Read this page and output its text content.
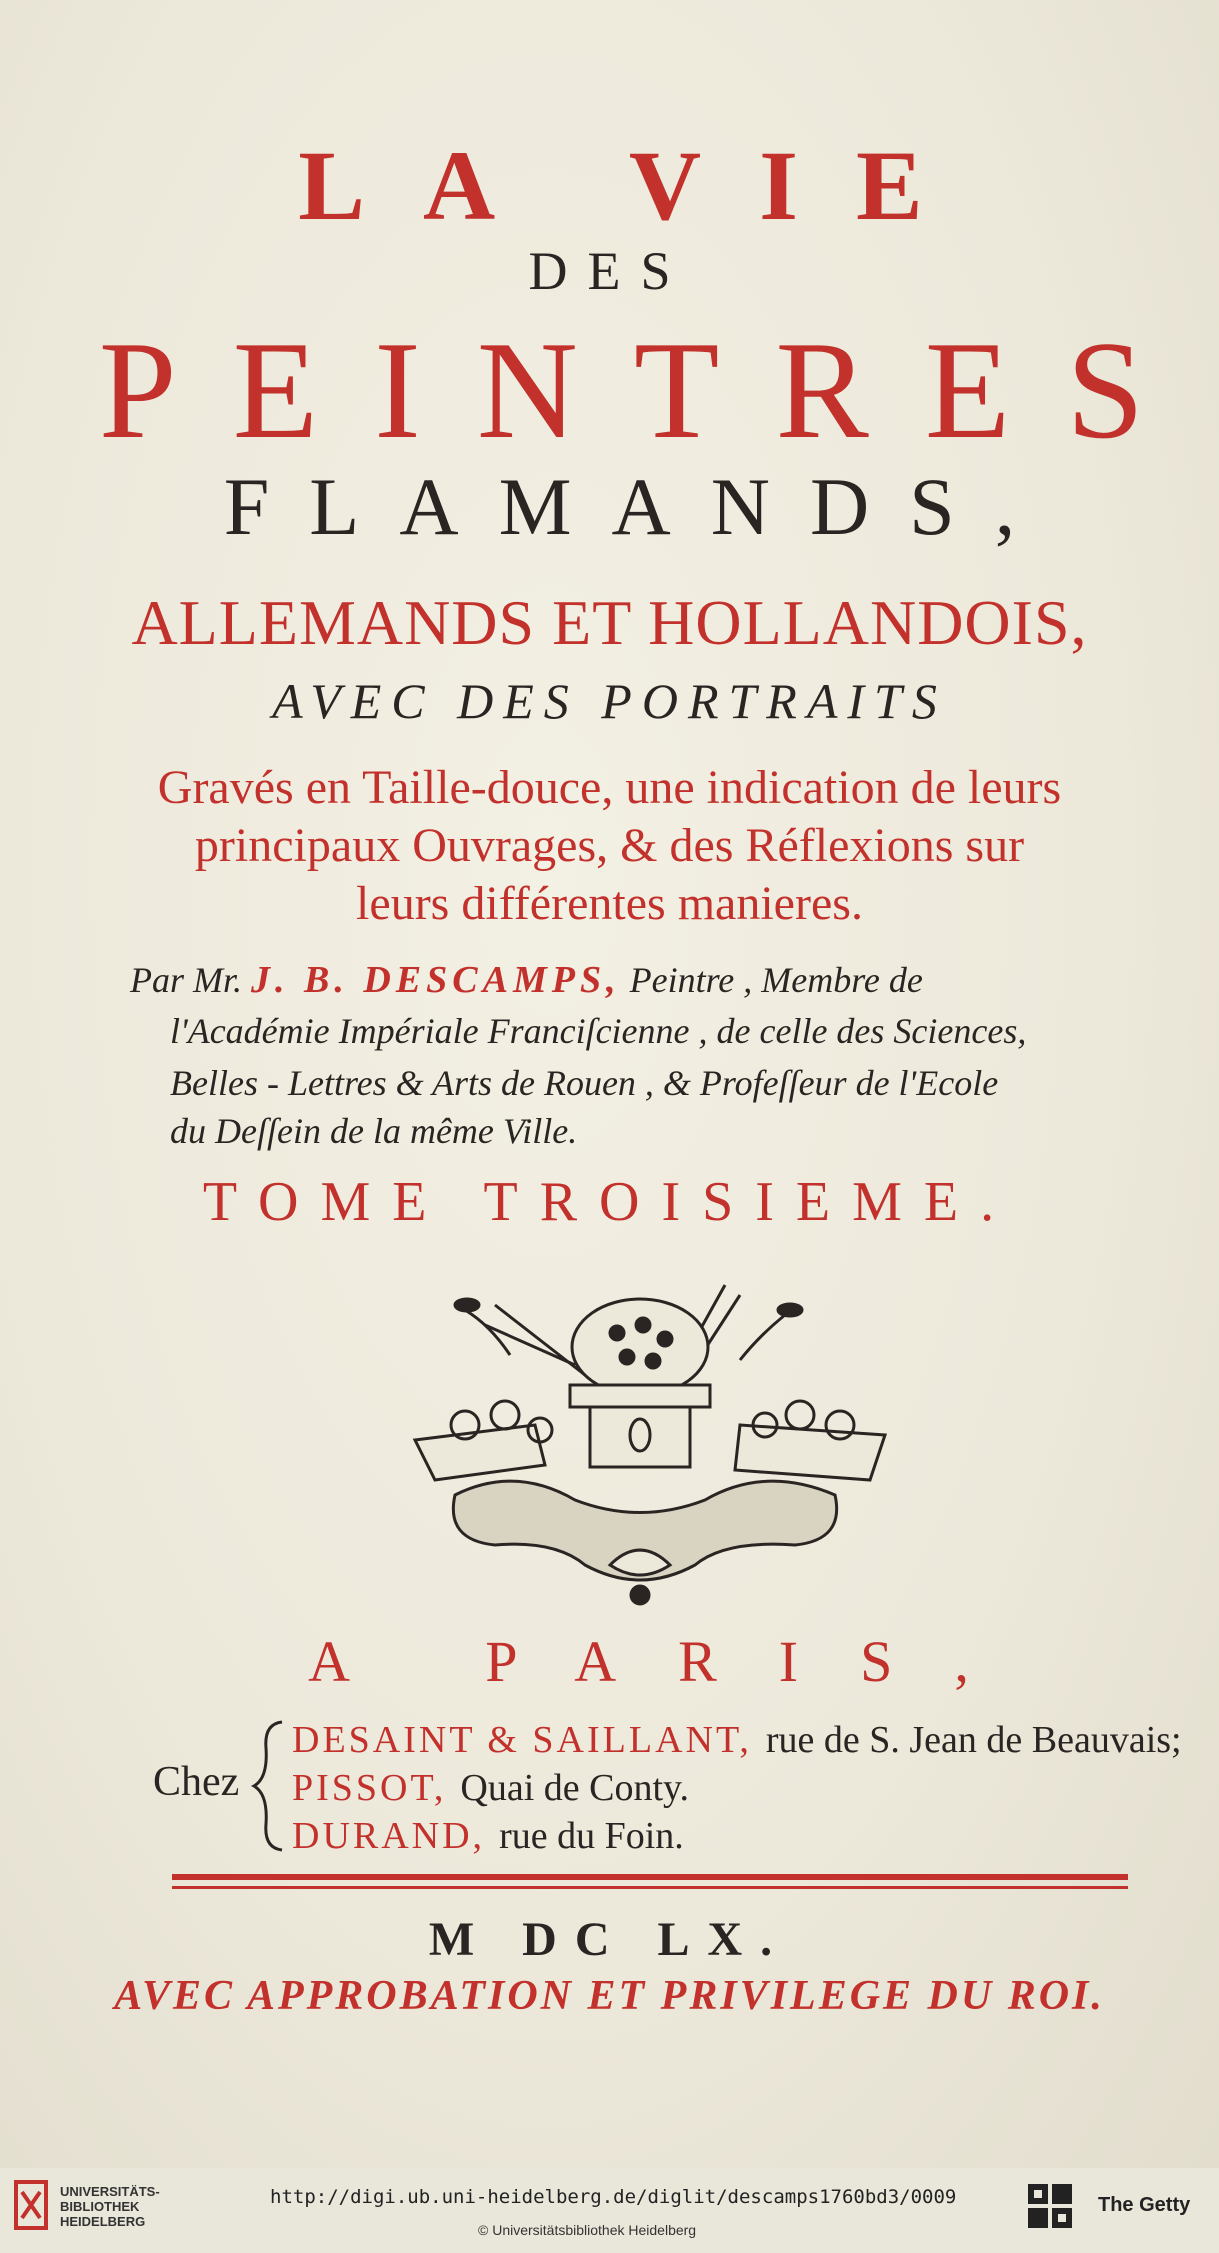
LA VIE
DES
PEINTRES
FLAMANDS,
ALLEMANDS ET HOLLANDOIS,
AVEC DES PORTRAITS
Gravés en Taille-douce, une indication de leurs
principaux Ouvrages, & des Réflexions sur
leurs différentes manieres.
Par Mr. J. B. DESCAMPS, Peintre , Membre de
l'Académie Impériale Franciſcienne , de celle des Sciences,
Belles - Lettres & Arts de Rouen , & Profeſſeur de l'Ecole
du Deſſein de la même Ville.
TOME TROISIEME.
A PARIS,
Chez
DESAINT & SAILLANT, rue de S. Jean de Beauvais;
PISSOT, Quai de Conty.
DURAND, rue du Foin.
M DC LX.
AVEC APPROBATION ET PRIVILEGE DU ROI.
UNIVERSITÄTS-
BIBLIOTHEK
HEIDELBERG
http://digi.ub.uni-heidelberg.de/diglit/descamps1760bd3/0009
© Universitätsbibliothek Heidelberg
The Getty
